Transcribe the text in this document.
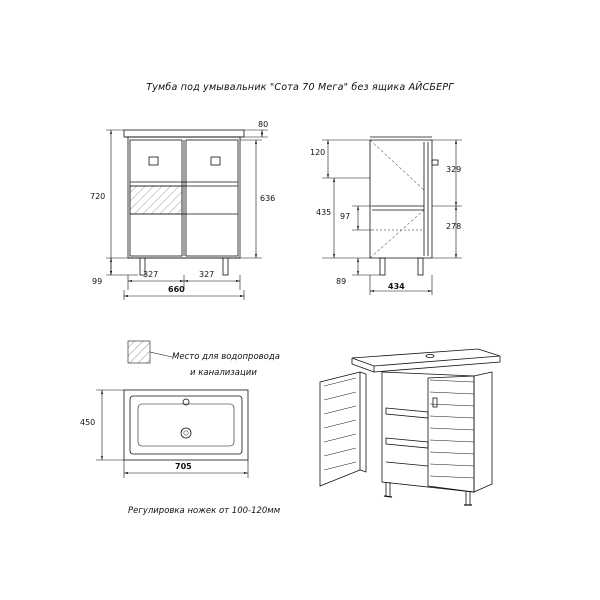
Тумба под умывальник "Сота 70 Мега" без ящика АЙСБЕРГ
80
720	636
99
327	327
660
120
435 97
89
329
278
434
450
705
Место для водопровода
и канализации
Регулировка ножек от 100-120мм
